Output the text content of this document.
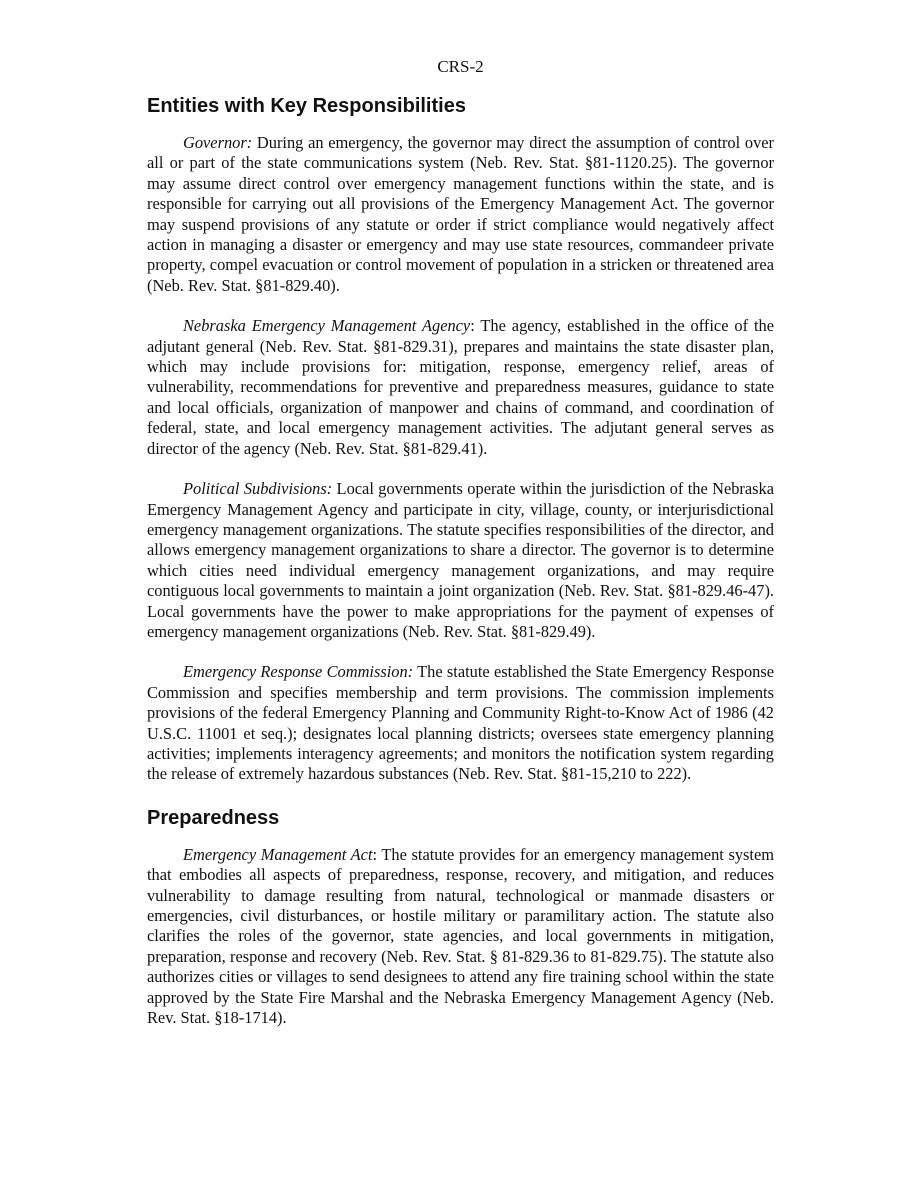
CRS-2
Entities with Key Responsibilities

Governor: During an emergency, the governor may direct the assumption of control over all or part of the state communications system (Neb. Rev. Stat. §81-1120.25). The governor may assume direct control over emergency management functions within the state, and is responsible for carrying out all provisions of the Emergency Management Act. The governor may suspend provisions of any statute or order if strict compliance would negatively affect action in managing a disaster or emergency and may use state resources, commandeer private property, compel evacuation or control movement of population in a stricken or threatened area (Neb. Rev. Stat. §81-829.40).

Nebraska Emergency Management Agency: The agency, established in the office of the adjutant general (Neb. Rev. Stat. §81-829.31), prepares and maintains the state disaster plan, which may include provisions for: mitigation, response, emergency relief, areas of vulnerability, recommendations for preventive and preparedness measures, guidance to state and local officials, organization of manpower and chains of command, and coordination of federal, state, and local emergency management activities. The adjutant general serves as director of the agency (Neb. Rev. Stat. §81-829.41).

Political Subdivisions: Local governments operate within the jurisdiction of the Nebraska Emergency Management Agency and participate in city, village, county, or interjurisdictional emergency management organizations. The statute specifies responsibilities of the director, and allows emergency management organizations to share a director. The governor is to determine which cities need individual emergency management organizations, and may require contiguous local governments to maintain a joint organization (Neb. Rev. Stat. §81-829.46-47). Local governments have the power to make appropriations for the payment of expenses of emergency management organizations (Neb. Rev. Stat. §81-829.49).

Emergency Response Commission: The statute established the State Emergency Response Commission and specifies membership and term provisions. The commission implements provisions of the federal Emergency Planning and Community Right-to-Know Act of 1986 (42 U.S.C. 11001 et seq.); designates local planning districts; oversees state emergency planning activities; implements interagency agreements; and monitors the notification system regarding the release of extremely hazardous substances (Neb. Rev. Stat. §81-15,210 to 222).

Preparedness

Emergency Management Act: The statute provides for an emergency management system that embodies all aspects of preparedness, response, recovery, and mitigation, and reduces vulnerability to damage resulting from natural, technological or manmade disasters or emergencies, civil disturbances, or hostile military or paramilitary action. The statute also clarifies the roles of the governor, state agencies, and local governments in mitigation, preparation, response and recovery (Neb. Rev. Stat. § 81-829.36 to 81-829.75). The statute also authorizes cities or villages to send designees to attend any fire training school within the state approved by the State Fire Marshal and the Nebraska Emergency Management Agency (Neb. Rev. Stat. §18-1714).
